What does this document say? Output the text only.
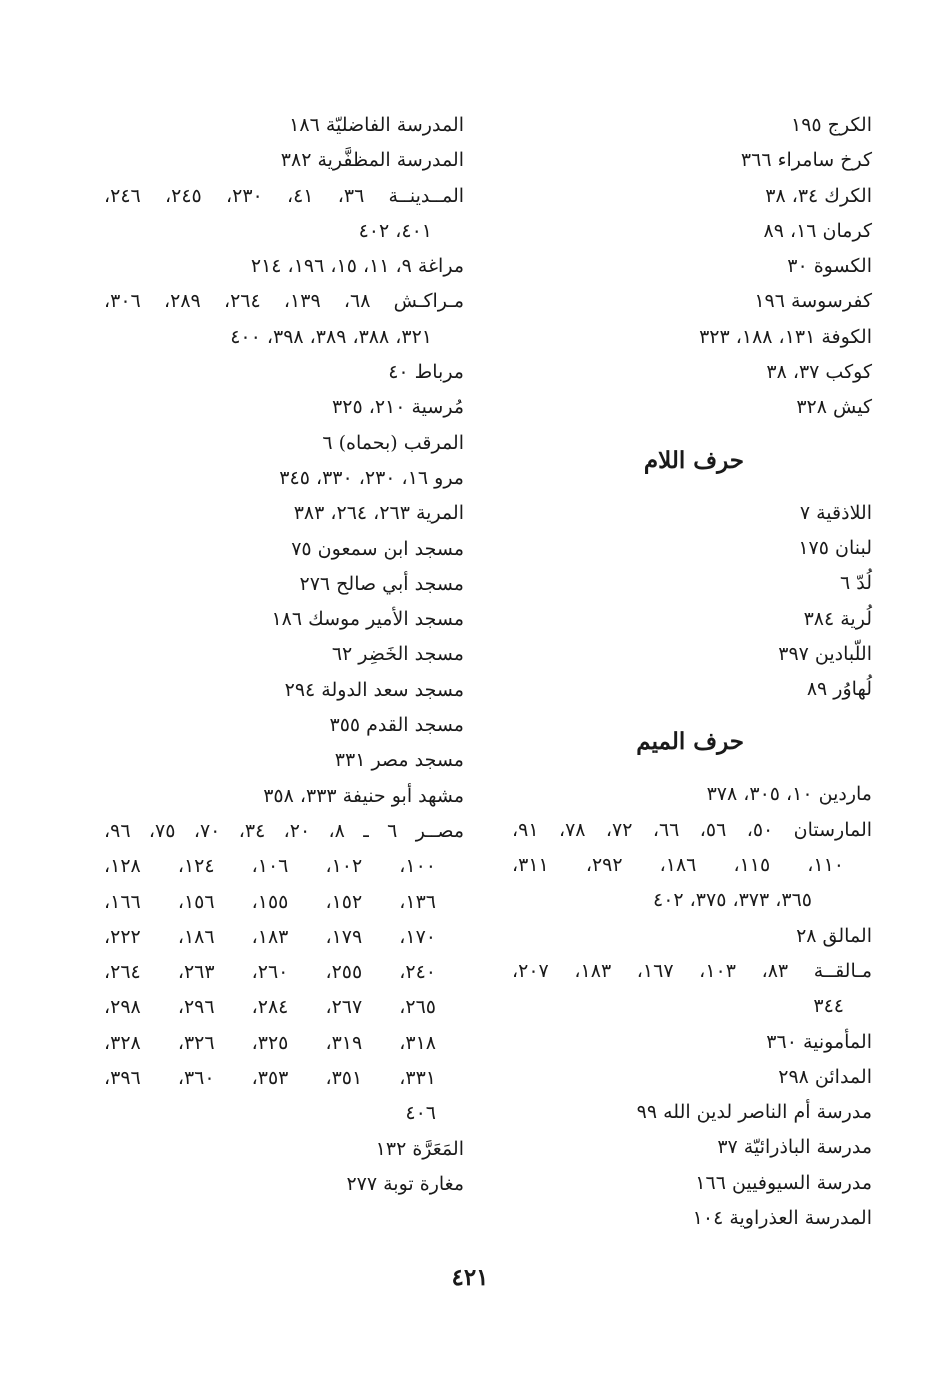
الكرج ١٩٥
كرخ سامراء ٣٦٦
الكرك ٣٤، ٣٨
كرمان ١٦، ٨٩
الكسوة ٣٠
كفرسوسة ١٩٦
الكوفة ١٣١، ١٨٨، ٣٢٣
كوكب ٣٧، ٣٨
كيش ٣٢٨
حرف اللام
اللاذقية ٧
لبنان ١٧٥
لُدّ ٦
لُرية ٣٨٤
اللّبادين ٣٩٧
لُهاوُر ٨٩
حرف الميم
ماردين ١٠، ٣٠٥، ٣٧٨
المارستان ٥٠، ٥٦، ٦٦، ٧٢، ٧٨، ٩١،
١١٠، ١١٥، ١٨٦، ٢٩٢، ٣١١،
٣٦٥، ٣٧٣، ٣٧٥، ٤٠٢
المالق ٢٨
مـالقــة ٨٣، ١٠٣، ١٦٧، ١٨٣، ٢٠٧،
٣٤٤
المأمونية ٣٦٠
المدائن ٢٩٨
مدرسة أم الناصر لدين الله ٩٩
مدرسة الباذرائيّة ٣٧
مدرسة السيوفيين ١٦٦
المدرسة العذراوية ١٠٤
المدرسة الفاضليّة ١٨٦
المدرسة المظفَّرية ٣٨٢
المــدينــة ٣٦، ٤١، ٢٣٠، ٢٤٥، ٢٤٦،
٤٠١، ٤٠٢
مراغة ٩، ١١، ١٥، ١٩٦، ٢١٤
مـراكـش ٦٨، ١٣٩، ٢٦٤، ٢٨٩، ٣٠٦،
٣٢١، ٣٨٨، ٣٨٩، ٣٩٨، ٤٠٠
مرباط ٤٠
مُرسية ٢١٠، ٣٢٥
المرقب (بحماه) ٦
مرو ١٦، ٢٣٠، ٣٣٠، ٣٤٥
المرية ٢٦٣، ٢٦٤، ٣٨٣
مسجد ابن سمعون ٧٥
مسجد أبي صالح ٢٧٦
مسجد الأمير موسك ١٨٦
مسجد الخَضِر ٦٢
مسجد سعد الدولة ٢٩٤
مسجد القدم ٣٥٥
مسجد مصر ٣٣١
مشهد أبو حنيفة ٣٣٣، ٣٥٨
مصــر ٦ ـ ٨، ٢٠، ٣٤، ٧٠، ٧٥، ٩٦،
١٠٠، ١٠٢، ١٠٦، ١٢٤، ١٢٨،
١٣٦، ١٥٢، ١٥٥، ١٥٦، ١٦٦،
١٧٠، ١٧٩، ١٨٣، ١٨٦، ٢٢٢،
٢٤٠، ٢٥٥، ٢٦٠، ٢٦٣، ٢٦٤،
٢٦٥، ٢٦٧، ٢٨٤، ٢٩٦، ٢٩٨،
٣١٨، ٣١٩، ٣٢٥، ٣٢٦، ٣٢٨،
٣٣١، ٣٥١، ٣٥٣، ٣٦٠، ٣٩٦،
٤٠٦
المَعَرَّة ١٣٢
مغارة توبة ٢٧٧
٤٢١
